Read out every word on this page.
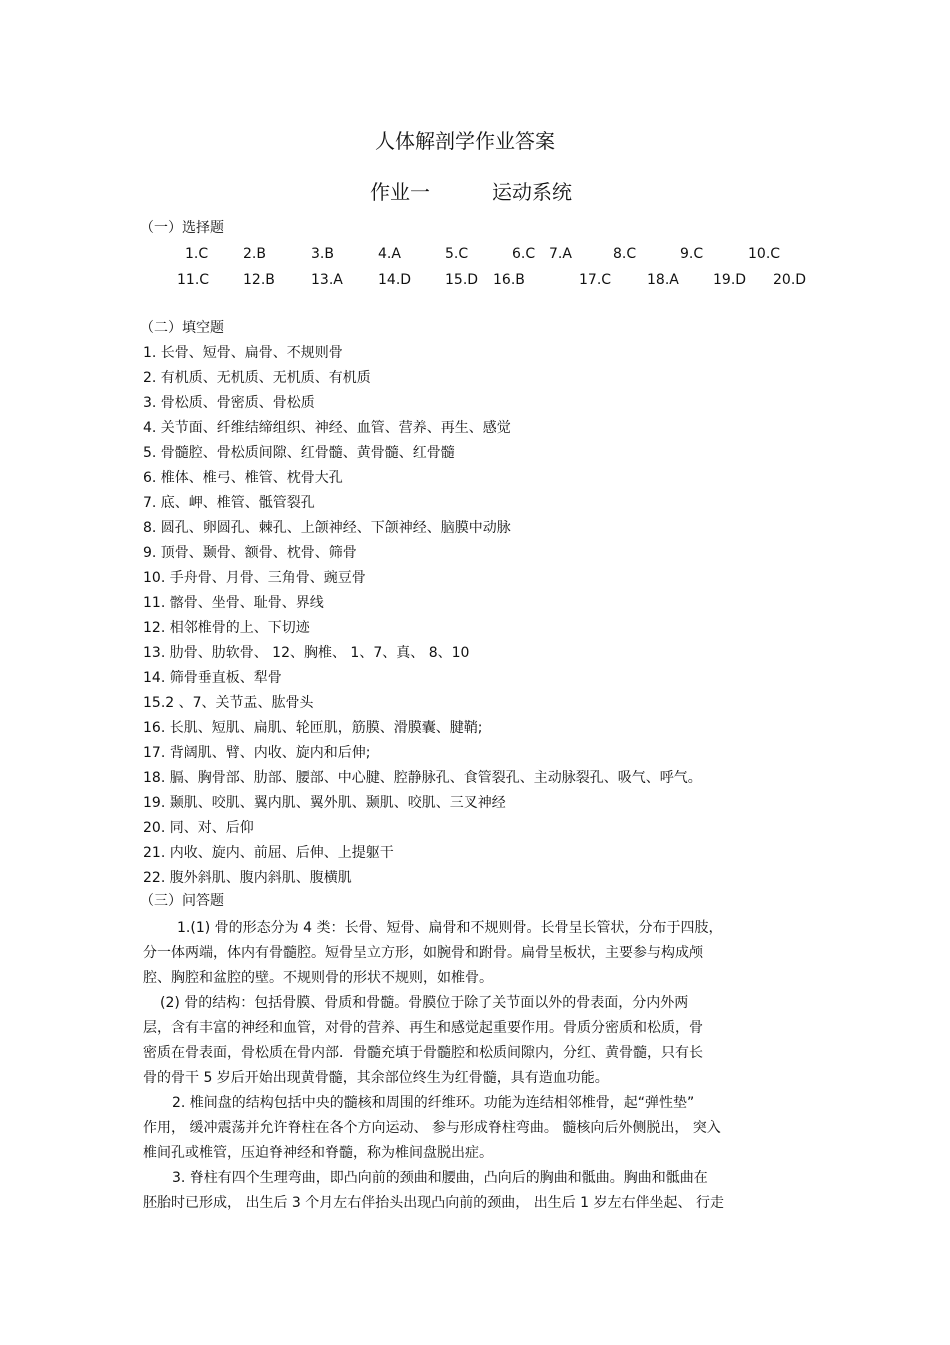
人体解剖学作业答案
作业一	运动系统
（一）选择题
1.C 2.B	3.B	4.A	5.C	6.C 7.A	8.C	9.C	10.C
11.C 12.B	13.A	14.D 15.D 16.B	17.C	18.A 19.D 20.D
（二）填空题
1. 长骨、短骨、扁骨、不规则骨
2. 有机质、无机质、无机质、有机质
3. 骨松质、骨密质、骨松质
4. 关节面、纤维结缔组织、神经、血管、营养、再生、感觉
5. 骨髓腔、骨松质间隙、红骨髓、黄骨髓、红骨髓
6. 椎体、椎弓、椎管、枕骨大孔
7. 底、岬、椎管、骶管裂孔
8. 圆孔、卵圆孔、棘孔、上颌神经、下颌神经、脑膜中动脉
9. 顶骨、颞骨、额骨、枕骨、筛骨
10. 手舟骨、月骨、三角骨、豌豆骨
11. 髂骨、坐骨、耻骨、界线
12. 相邻椎骨的上、下切迹
13. 肋骨、肋软骨、 12、胸椎、 1、7、真、 8、10
14. 筛骨垂直板、犁骨
15.2 、7、关节盂、肱骨头
16. 长肌、短肌、扁肌、轮匝肌，筋膜、滑膜囊、腱鞘;
17. 背阔肌、臂、内收、旋内和后伸;
18. 膈、胸骨部、肋部、腰部、中心腱、腔静脉孔、食管裂孔、主动脉裂孔、吸气、呼气。
19. 颞肌、咬肌、翼内肌、翼外肌、颞肌、咬肌、三叉神经
20. 同、对、后仰
21. 内收、旋内、前屈、后伸、上提躯干
22. 腹外斜肌、腹内斜肌、腹横肌
（三）问答题
1.(1) 骨的形态分为 4 类：长骨、短骨、扁骨和不规则骨。长骨呈长管状，分布于四肢，
分一体两端，体内有骨髓腔。短骨呈立方形，如腕骨和跗骨。扁骨呈板状，主要参与构成颅
腔、胸腔和盆腔的壁。不规则骨的形状不规则，如椎骨。
(2) 骨的结构：包括骨膜、骨质和骨髓。骨膜位于除了关节面以外的骨表面，分内外两
层，含有丰富的神经和血管，对骨的营养、再生和感觉起重要作用。骨质分密质和松质，骨
密质在骨表面，骨松质在骨内部．骨髓充填于骨髓腔和松质间隙内，分红、黄骨髓，只有长
骨的骨干 5 岁后开始出现黄骨髓，其余部位终生为红骨髓，具有造血功能。
2. 椎间盘的结构包括中央的髓核和周围的纤维环。功能为连结相邻椎骨，起“弹性垫”
作用， 缓冲震荡并允许脊柱在各个方向运动、 参与形成脊柱弯曲。 髓核向后外侧脱出， 突入
椎间孔或椎管，压迫脊神经和脊髓，称为椎间盘脱出症。
3. 脊柱有四个生理弯曲，即凸向前的颈曲和腰曲，凸向后的胸曲和骶曲。胸曲和骶曲在
胚胎时已形成， 出生后 3 个月左右伴抬头出现凸向前的颈曲， 出生后 1 岁左右伴坐起、 行走
